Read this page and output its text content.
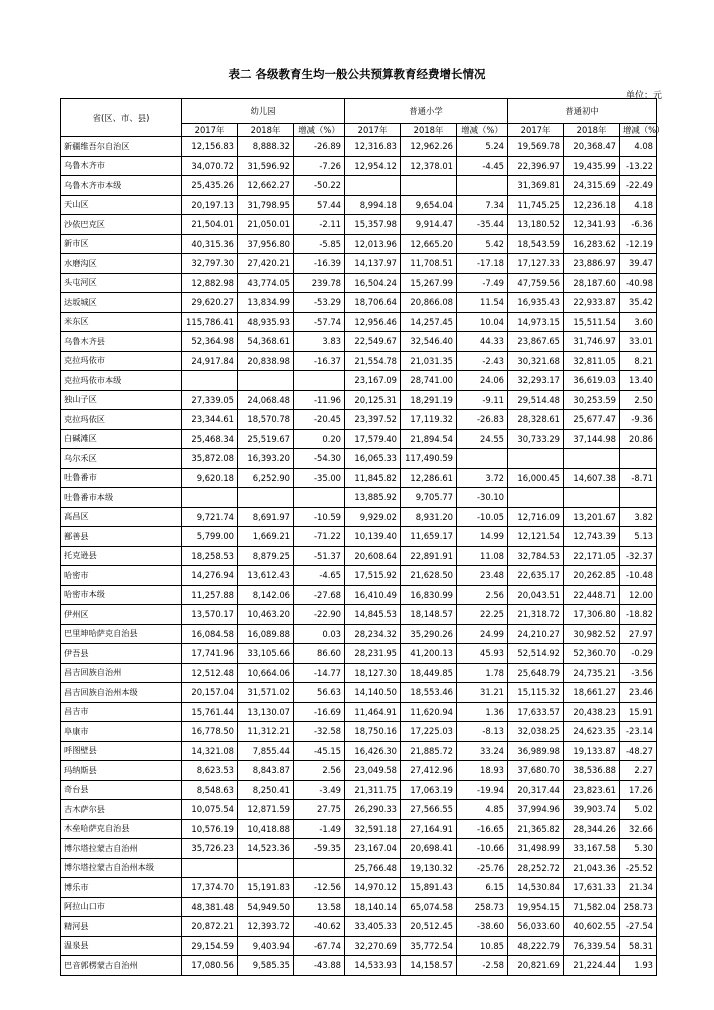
表二 各级教育生均一般公共预算教育经费增长情况
单位：元
省(区、市、县)	幼儿园			普通小学			普通初中		
	2017年	2018年	增减（%）	2017年	2018年	增减（%）	2017年	2018年	增减（%）
新疆维吾尔自治区	12,156.83	8,888.32	-26.89	12,316.83	12,962.26	5.24	19,569.78	20,368.47	4.08
乌鲁木齐市	34,070.72	31,596.92	-7.26	12,954.12	12,378.01	-4.45	22,396.97	19,435.99	-13.22
乌鲁木齐市本级	25,435.26	12,662.27	-50.22				31,369.81	24,315.69	-22.49
天山区	20,197.13	31,798.95	57.44	8,994.18	9,654.04	7.34	11,745.25	12,236.18	4.18
沙依巴克区	21,504.01	21,050.01	-2.11	15,357.98	9,914.47	-35.44	13,180.52	12,341.93	-6.36
新市区	40,315.36	37,956.80	-5.85	12,013.96	12,665.20	5.42	18,543.59	16,283.62	-12.19
水磨沟区	32,797.30	27,420.21	-16.39	14,137.97	11,708.51	-17.18	17,127.33	23,886.97	39.47
头屯河区	12,882.98	43,774.05	239.78	16,504.24	15,267.99	-7.49	47,759.56	28,187.60	-40.98
达坂城区	29,620.27	13,834.99	-53.29	18,706.64	20,866.08	11.54	16,935.43	22,933.87	35.42
米东区	115,786.41	48,935.93	-57.74	12,956.46	14,257.45	10.04	14,973.15	15,511.54	3.60
乌鲁木齐县	52,364.98	54,368.61	3.83	22,549.67	32,546.40	44.33	23,867.65	31,746.97	33.01
克拉玛依市	24,917.84	20,838.98	-16.37	21,554.78	21,031.35	-2.43	30,321.68	32,811.05	8.21
克拉玛依市本级				23,167.09	28,741.00	24.06	32,293.17	36,619.03	13.40
独山子区	27,339.05	24,068.48	-11.96	20,125.31	18,291.19	-9.11	29,514.48	30,253.59	2.50
克拉玛依区	23,344.61	18,570.78	-20.45	23,397.52	17,119.32	-26.83	28,328.61	25,677.47	-9.36
白碱滩区	25,468.34	25,519.67	0.20	17,579.40	21,894.54	24.55	30,733.29	37,144.98	20.86
乌尔禾区	35,872.08	16,393.20	-54.30	16,065.33	117,490.59				
吐鲁番市	9,620.18	6,252.90	-35.00	11,845.82	12,286.61	3.72	16,000.45	14,607.38	-8.71
吐鲁番市本级				13,885.92	9,705.77	-30.10			
高昌区	9,721.74	8,691.97	-10.59	9,929.02	8,931.20	-10.05	12,716.09	13,201.67	3.82
鄯善县	5,799.00	1,669.21	-71.22	10,139.40	11,659.17	14.99	12,121.54	12,743.39	5.13
托克逊县	18,258.53	8,879.25	-51.37	20,608.64	22,891.91	11.08	32,784.53	22,171.05	-32.37
哈密市	14,276.94	13,612.43	-4.65	17,515.92	21,628.50	23.48	22,635.17	20,262.85	-10.48
哈密市本级	11,257.88	8,142.06	-27.68	16,410.49	16,830.99	2.56	20,043.51	22,448.71	12.00
伊州区	13,570.17	10,463.20	-22.90	14,845.53	18,148.57	22.25	21,318.72	17,306.80	-18.82
巴里坤哈萨克自治县	16,084.58	16,089.88	0.03	28,234.32	35,290.26	24.99	24,210.27	30,982.52	27.97
伊吾县	17,741.96	33,105.66	86.60	28,231.95	41,200.13	45.93	52,514.92	52,360.70	-0.29
昌吉回族自治州	12,512.48	10,664.06	-14.77	18,127.30	18,449.85	1.78	25,648.79	24,735.21	-3.56
昌吉回族自治州本级	20,157.04	31,571.02	56.63	14,140.50	18,553.46	31.21	15,115.32	18,661.27	23.46
昌吉市	15,761.44	13,130.07	-16.69	11,464.91	11,620.94	1.36	17,633.57	20,438.23	15.91
阜康市	16,778.50	11,312.21	-32.58	18,750.16	17,225.03	-8.13	32,038.25	24,623.35	-23.14
呼图壁县	14,321.08	7,855.44	-45.15	16,426.30	21,885.72	33.24	36,989.98	19,133.87	-48.27
玛纳斯县	8,623.53	8,843.87	2.56	23,049.58	27,412.96	18.93	37,680.70	38,536.88	2.27
奇台县	8,548.63	8,250.41	-3.49	21,311.75	17,063.19	-19.94	20,317.44	23,823.61	17.26
吉木萨尔县	10,075.54	12,871.59	27.75	26,290.33	27,566.55	4.85	37,994.96	39,903.74	5.02
木垒哈萨克自治县	10,576.19	10,418.88	-1.49	32,591.18	27,164.91	-16.65	21,365.82	28,344.26	32.66
博尔塔拉蒙古自治州	35,726.23	14,523.36	-59.35	23,167.04	20,698.41	-10.66	31,498.99	33,167.58	5.30
博尔塔拉蒙古自治州本级				25,766.48	19,130.32	-25.76	28,252.72	21,043.36	-25.52
博乐市	17,374.70	15,191.83	-12.56	14,970.12	15,891.43	6.15	14,530.84	17,631.33	21.34
阿拉山口市	48,381.48	54,949.50	13.58	18,140.14	65,074.58	258.73	19,954.15	71,582.04	258.73
精河县	20,872.21	12,393.72	-40.62	33,405.33	20,512.45	-38.60	56,033.60	40,602.55	-27.54
温泉县	29,154.59	9,403.94	-67.74	32,270.69	35,772.54	10.85	48,222.79	76,339.54	58.31
巴音郭楞蒙古自治州	17,080.56	9,585.35	-43.88	14,533.93	14,158.57	-2.58	20,821.69	21,224.44	1.93
